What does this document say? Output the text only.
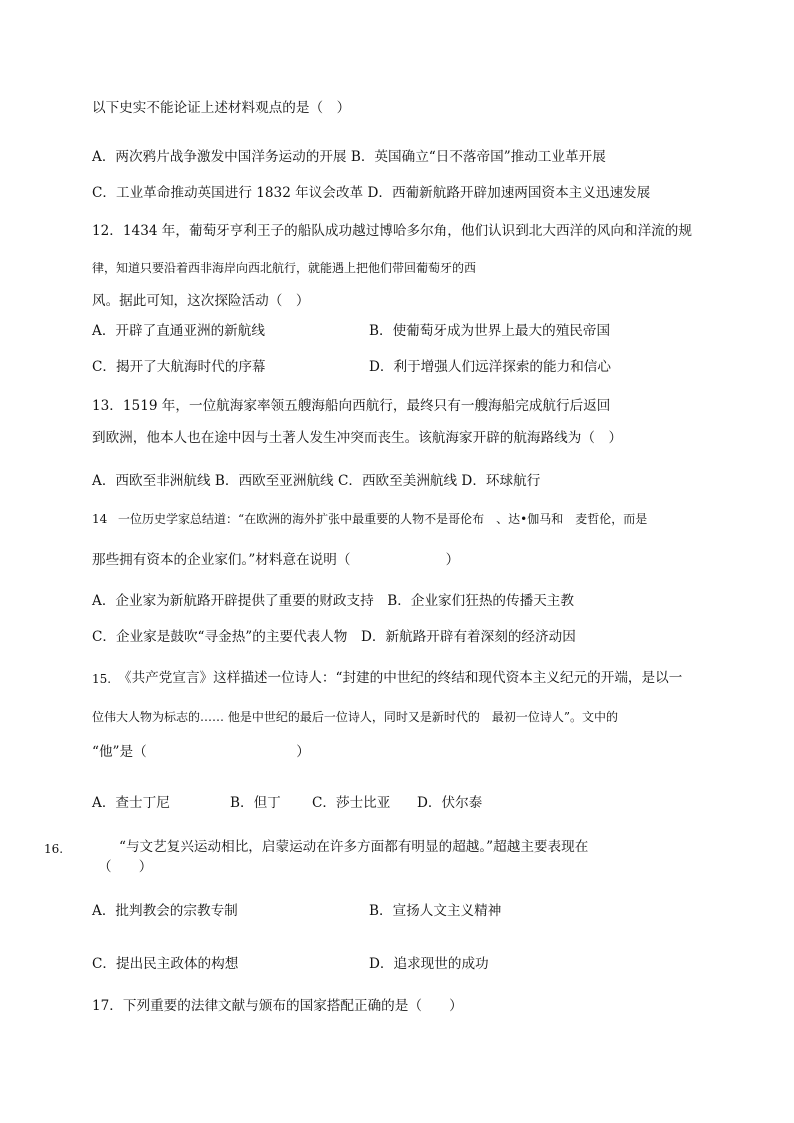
以下史实不能论证上述材料观点的是（　）
A．两次鸦片战争激发中国洋务运动的开展 B．英国确立“日不落帝国”推动工业革开展
C．工业革命推动英国进行 1832 年议会改革 D．西葡新航路开辟加速两国资本主义迅速发展
12．1434 年，葡萄牙亨利王子的船队成功越过博哈多尔角，他们认识到北大西洋的风向和洋流的规
律，知道只要沿着西非海岸向西北航行，就能遇上把他们带回葡萄牙的西
风。据此可知，这次探险活动（　）
A．开辟了直通亚洲的新航线	B．使葡萄牙成为世界上最大的殖民帝国
C．揭开了大航海时代的序幕	D．利于增强人们远洋探索的能力和信心
13．1519 年，一位航海家率领五艘海船向西航行，最终只有一艘海船完成航行后返回
到欧洲，他本人也在途中因与土著人发生冲突而丧生。该航海家开辟的航海路线为（　）
A．西欧至非洲航线 B．西欧至亚洲航线 C．西欧至美洲航线 D．环球航行
14 一位历史学家总结道：“在欧洲的海外扩张中最重要的人物不是哥伦布　、达•伽马和　麦哲伦，而是
那些拥有资本的企业家们。”材料意在说明（　　　　　　　）
A．企业家为新航路开辟提供了重要的财政支持　B．企业家们狂热的传播天主教
C．企业家是鼓吹“寻金热”的主要代表人物　D．新航路开辟有着深刻的经济动因
15. 《共产党宣言》这样描述一位诗人：“封建的中世纪的终结和现代资本主义纪元的开端，是以一
位伟大人物为标志的…… 他是中世纪的最后一位诗人，同时又是新时代的　最初一位诗人”。文中的
“他”是（　　　　　　　　　　　）
A．查士丁尼	B．但丁 C．莎士比亚 D．伏尔泰
16.	“与文艺复兴运动相比，启蒙运动在许多方面都有明显的超越。”超越主要表现在
（　　）
A．批判教会的宗教专制	B．宣扬人文主义精神
C．提出民主政体的构想	D．追求现世的成功
17．下列重要的法律文献与颁布的国家搭配正确的是（　　）
